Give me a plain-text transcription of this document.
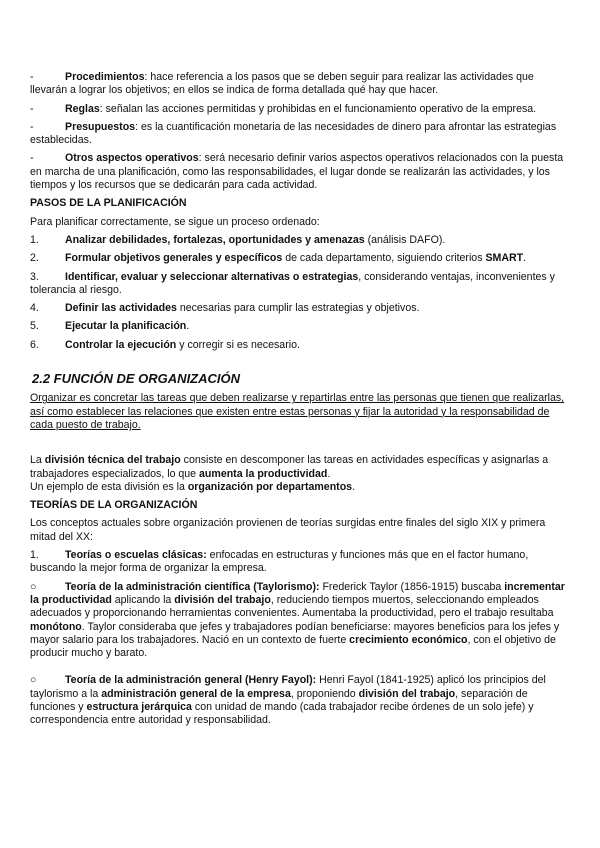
-	Procedimientos: hace referencia a los pasos que se deben seguir para realizar las actividades que llevarán a lograr los objetivos; en ellos se indica de forma detallada qué hay que hacer.

-	Reglas: señalan las acciones permitidas y prohibidas en el funcionamiento operativo de la empresa.

-	Presupuestos: es la cuantificación monetaria de las necesidades de dinero para afrontar las estrategias establecidas.

-	Otros aspectos operativos: será necesario definir varios aspectos operativos relacionados con la puesta en marcha de una planificación, como las responsabilidades, el lugar donde se realizarán las actividades, y los tiempos y los recursos que se dedicarán para cada actividad.

PASOS DE LA PLANIFICACIÓN

Para planificar correctamente, se sigue un proceso ordenado:

1. Analizar debilidades, fortalezas, oportunidades y amenazas (análisis DAFO).

2. Formular objetivos generales y específicos de cada departamento, siguiendo criterios SMART.

3. Identificar, evaluar y seleccionar alternativas o estrategias, considerando ventajas, inconvenientes y tolerancia al riesgo.

4. Definir las actividades necesarias para cumplir las estrategias y objetivos.

5. Ejecutar la planificación.

6. Controlar la ejecución y corregir si es necesario.

2.2 FUNCIÓN DE ORGANIZACIÓN

Organizar es concretar las tareas que deben realizarse y repartirlas entre las personas que tienen que realizarlas, así como establecer las relaciones que existen entre estas personas y fijar la autoridad y la responsabilidad de cada puesto de trabajo.

La división técnica del trabajo consiste en descomponer las tareas en actividades específicas y asignarlas a trabajadores especializados, lo que aumenta la productividad.

Un ejemplo de esta división es la organización por departamentos.

TEORÍAS DE LA ORGANIZACIÓN

Los conceptos actuales sobre organización provienen de teorías surgidas entre finales del siglo XIX y primera mitad del XX:

1. Teorías o escuelas clásicas: enfocadas en estructuras y funciones más que en el factor humano, buscando la mejor forma de organizar la empresa.

○	Teoría de la administración científica (Taylorismo): Frederick Taylor (1856-1915) buscaba incrementar la productividad aplicando la división del trabajo, reduciendo tiempos muertos, seleccionando empleados adecuados y proporcionando herramientas convenientes. Aumentaba la productividad, pero el trabajo resultaba monótono. Taylor consideraba que jefes y trabajadores podían beneficiarse: mayores beneficios para los jefes y mayor salario para los trabajadores. Nació en un contexto de fuerte crecimiento económico, con el objetivo de producir mucho y barato.

○	Teoría de la administración general (Henry Fayol): Henri Fayol (1841-1925) aplicó los principios del taylorismo a la administración general de la empresa, proponiendo división del trabajo, separación de funciones y estructura jerárquica con unidad de mando (cada trabajador recibe órdenes de un solo jefe) y correspondencia entre autoridad y responsabilidad.
